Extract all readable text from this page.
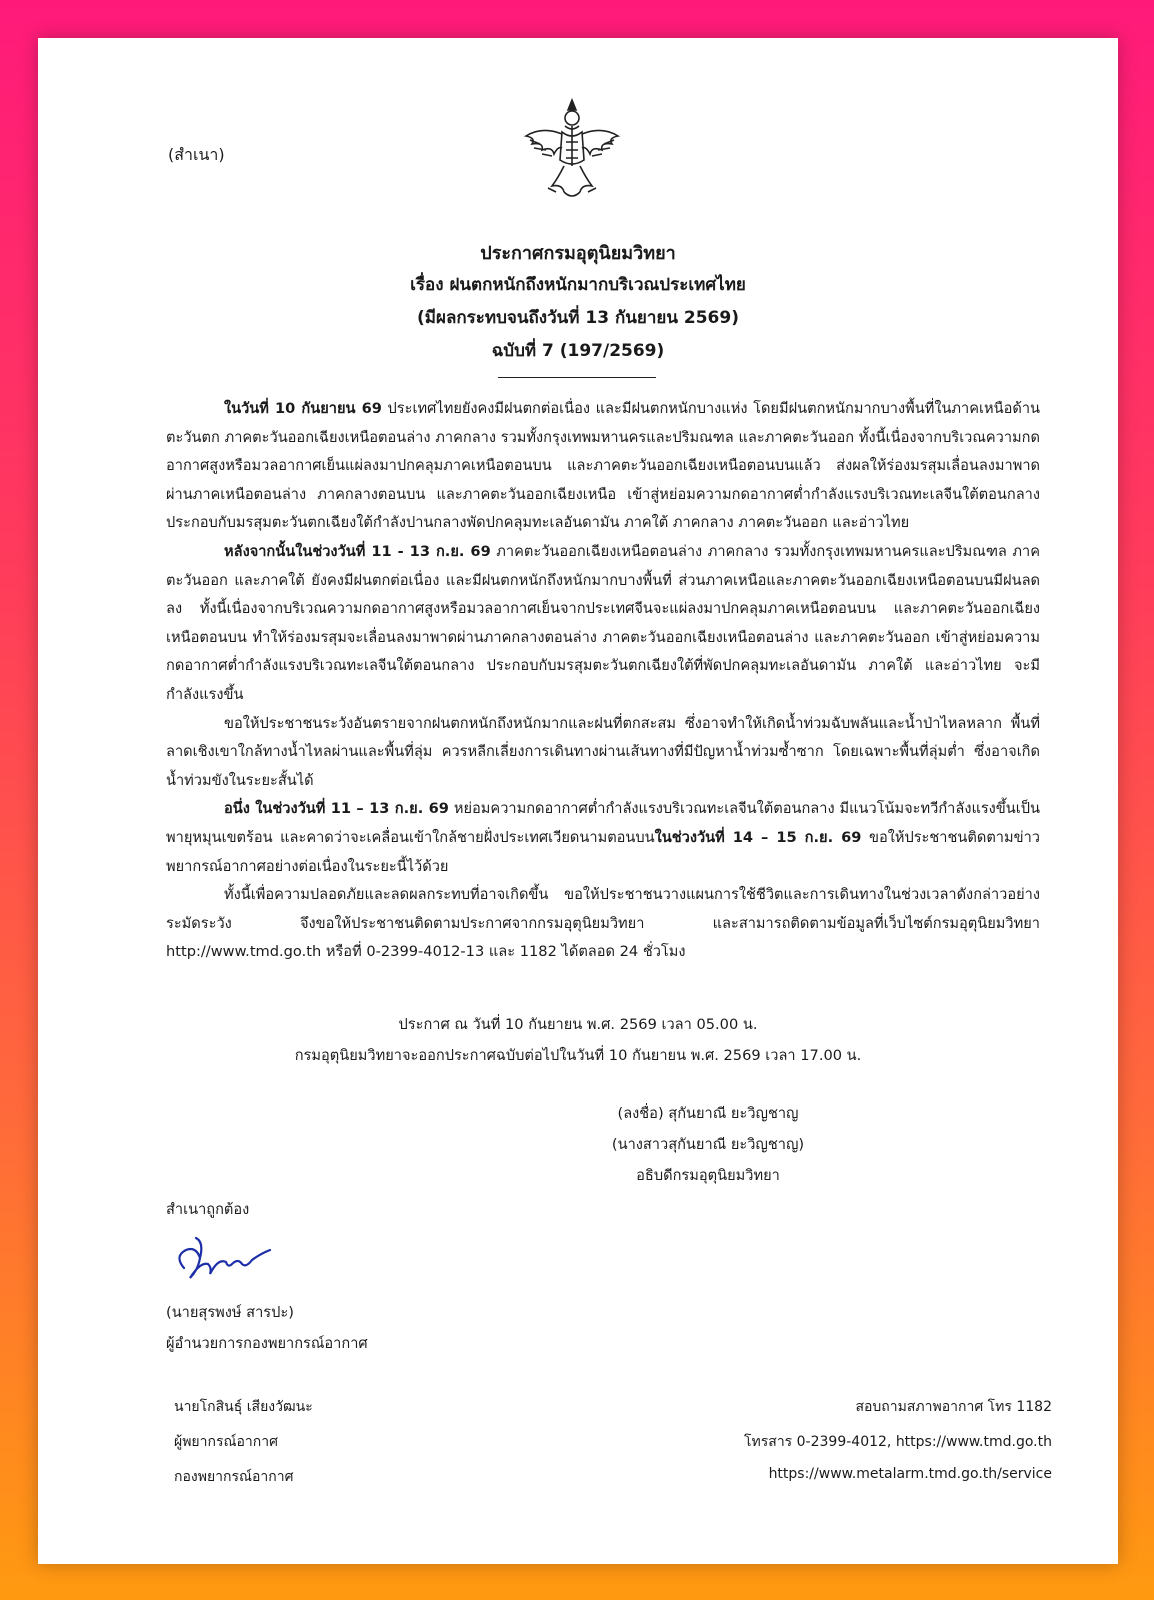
(สำเนา)
ประกาศกรมอุตุนิยมวิทยา
เรื่อง ฝนตกหนักถึงหนักมากบริเวณประเทศไทย
(มีผลกระทบจนถึงวันที่ 13 กันยายน 2569)
ฉบับที่ 7 (197/2569)

ในวันที่ 10 กันยายน 69 ประเทศไทยยังคงมีฝนตกต่อเนื่อง และมีฝนตกหนักบางแห่ง โดยมีฝนตกหนักมากบางพื้นที่ในภาคเหนือด้านตะวันตก ภาคตะวันออกเฉียงเหนือตอนล่าง ภาคกลาง รวมทั้งกรุงเทพมหานครและปริมณฑล และภาคตะวันออก ทั้งนี้เนื่องจากบริเวณความกดอากาศสูงหรือมวลอากาศเย็นแผ่ลงมาปกคลุมภาคเหนือตอนบน และภาคตะวันออกเฉียงเหนือตอนบนแล้ว ส่งผลให้ร่องมรสุมเลื่อนลงมาพาดผ่านภาคเหนือตอนล่าง ภาคกลางตอนบน และภาคตะวันออกเฉียงเหนือ เข้าสู่หย่อมความกดอากาศต่ำกำลังแรงบริเวณทะเลจีนใต้ตอนกลาง ประกอบกับมรสุมตะวันตกเฉียงใต้กำลังปานกลางพัดปกคลุมทะเลอันดามัน ภาคใต้ ภาคกลาง ภาคตะวันออก และอ่าวไทย

หลังจากนั้นในช่วงวันที่ 11 - 13 ก.ย. 69 ภาคตะวันออกเฉียงเหนือตอนล่าง ภาคกลาง รวมทั้งกรุงเทพมหานครและปริมณฑล ภาคตะวันออก และภาคใต้ ยังคงมีฝนตกต่อเนื่อง และมีฝนตกหนักถึงหนักมากบางพื้นที่ ส่วนภาคเหนือและภาคตะวันออกเฉียงเหนือตอนบนมีฝนลดลง ทั้งนี้เนื่องจากบริเวณความกดอากาศสูงหรือมวลอากาศเย็นจากประเทศจีนจะแผ่ลงมาปกคลุมภาคเหนือตอนบน และภาคตะวันออกเฉียงเหนือตอนบน ทำให้ร่องมรสุมจะเลื่อนลงมาพาดผ่านภาคกลางตอนล่าง ภาคตะวันออกเฉียงเหนือตอนล่าง และภาคตะวันออก เข้าสู่หย่อมความกดอากาศต่ำกำลังแรงบริเวณทะเลจีนใต้ตอนกลาง ประกอบกับมรสุมตะวันตกเฉียงใต้ที่พัดปกคลุมทะเลอันดามัน ภาคใต้ และอ่าวไทย จะมีกำลังแรงขึ้น

ขอให้ประชาชนระวังอันตรายจากฝนตกหนักถึงหนักมากและฝนที่ตกสะสม ซึ่งอาจทำให้เกิดน้ำท่วมฉับพลันและน้ำป่าไหลหลาก พื้นที่ลาดเชิงเขาใกล้ทางน้ำไหลผ่านและพื้นที่ลุ่ม ควรหลีกเลี่ยงการเดินทางผ่านเส้นทางที่มีปัญหาน้ำท่วมซ้ำซาก โดยเฉพาะพื้นที่ลุ่มต่ำ ซึ่งอาจเกิดน้ำท่วมขังในระยะสั้นได้

อนึ่ง ในช่วงวันที่ 11 – 13 ก.ย. 69 หย่อมความกดอากาศต่ำกำลังแรงบริเวณทะเลจีนใต้ตอนกลาง มีแนวโน้มจะทวีกำลังแรงขึ้นเป็นพายุหมุนเขตร้อน และคาดว่าจะเคลื่อนเข้าใกล้ชายฝั่งประเทศเวียดนามตอนบนในช่วงวันที่ 14 – 15 ก.ย. 69 ขอให้ประชาชนติดตามข่าวพยากรณ์อากาศอย่างต่อเนื่องในระยะนี้ไว้ด้วย

ทั้งนี้เพื่อความปลอดภัยและลดผลกระทบที่อาจเกิดขึ้น ขอให้ประชาชนวางแผนการใช้ชีวิตและการเดินทางในช่วงเวลาดังกล่าวอย่างระมัดระวัง จึงขอให้ประชาชนติดตามประกาศจากกรมอุตุนิยมวิทยา และสามารถติดตามข้อมูลที่เว็บไซต์กรมอุตุนิยมวิทยา http://www.tmd.go.th หรือที่ 0-2399-4012-13 และ 1182 ได้ตลอด 24 ชั่วโมง

ประกาศ ณ วันที่ 10 กันยายน พ.ศ. 2569 เวลา 05.00 น.
กรมอุตุนิยมวิทยาจะออกประกาศฉบับต่อไปในวันที่ 10 กันยายน พ.ศ. 2569 เวลา 17.00 น.
(ลงชื่อ) สุกันยาณี ยะวิญชาญ
(นางสาวสุกันยาณี ยะวิญชาญ)
อธิบดีกรมอุตุนิยมวิทยา
สำเนาถูกต้อง
(นายสุรพงษ์ สารปะ)
ผู้อำนวยการกองพยากรณ์อากาศ
นายโกสินธุ์ เสียงวัฒนะ
ผู้พยากรณ์อากาศ
กองพยากรณ์อากาศ
สอบถามสภาพอากาศ โทร 1182
โทรสาร 0-2399-4012, https://www.tmd.go.th
https://www.metalarm.tmd.go.th/service
